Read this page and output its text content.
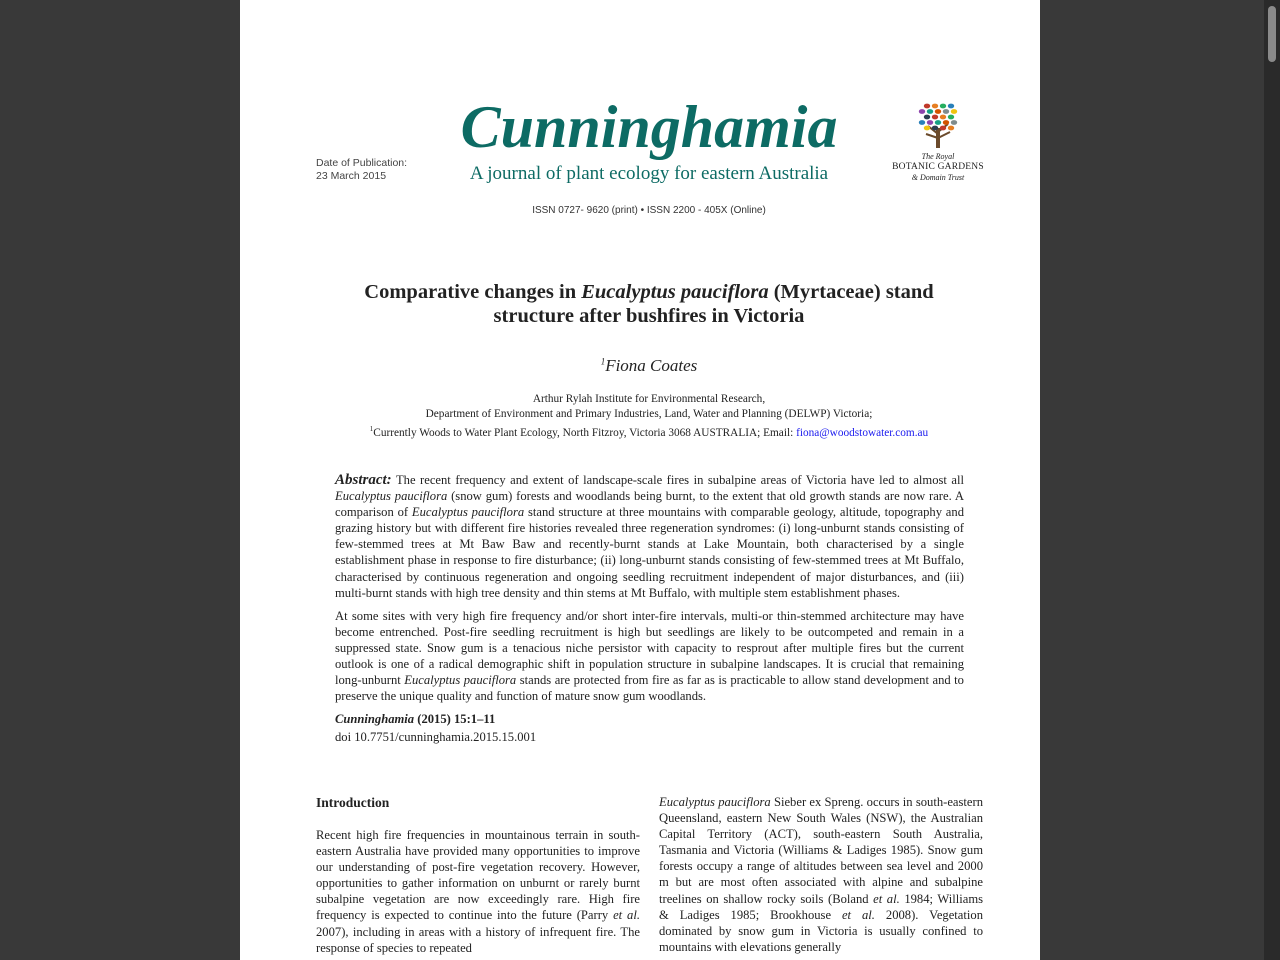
Date of Publication:
23 March 2015
Cunninghamia
A journal of plant ecology for eastern Australia
The Royal
BOTANIC GARDENS
& Domain Trust
ISSN 0727- 9620 (print) • ISSN 2200 - 405X (Online)
Comparative changes in Eucalyptus pauciflora (Myrtaceae) stand structure after bushfires in Victoria
$^1$Fiona Coates
Arthur Rylah Institute for Environmental Research,
Department of Environment and Primary Industries, Land, Water and Planning (DELWP) Victoria;
$^1$Currently Woods to Water Plant Ecology, North Fitzroy, Victoria 3068 AUSTRALIA; Email: fiona@woodstowater.com.au

Abstract: The recent frequency and extent of landscape-scale fires in subalpine areas of Victoria have led to almost all Eucalyptus pauciflora (snow gum) forests and woodlands being burnt, to the extent that old growth stands are now rare. A comparison of Eucalyptus pauciflora stand structure at three mountains with comparable geology, altitude, topography and grazing history but with different fire histories revealed three regeneration syndromes: (i) long-unburnt stands consisting of few-stemmed trees at Mt Baw Baw and recently-burnt stands at Lake Mountain, both characterised by a single establishment phase in response to fire disturbance; (ii) long-unburnt stands consisting of few-stemmed trees at Mt Buffalo, characterised by continuous regeneration and ongoing seedling recruitment independent of major disturbances, and (iii) multi-burnt stands with high tree density and thin stems at Mt Buffalo, with multiple stem establishment phases.

At some sites with very high fire frequency and/or short inter-fire intervals, multi-or thin-stemmed architecture may have become entrenched. Post-fire seedling recruitment is high but seedlings are likely to be outcompeted and remain in a suppressed state. Snow gum is a tenacious niche persistor with capacity to resprout after multiple fires but the current outlook is one of a radical demographic shift in population structure in subalpine landscapes. It is crucial that remaining long-unburnt Eucalyptus pauciflora stands are protected from fire as far as is practicable to allow stand development and to preserve the unique quality and function of mature snow gum woodlands.

Cunninghamia (2015) 15:1–11
doi 10.7751/cunninghamia.2015.15.001
Introduction

Recent high fire frequencies in mountainous terrain in south-eastern Australia have provided many opportunities to improve our understanding of post-fire vegetation recovery. However, opportunities to gather information on unburnt or rarely burnt subalpine vegetation are now exceedingly rare. High fire frequency is expected to continue into the future (Parry et al. 2007), including in areas with a history of infrequent fire. The response of species to repeated

Eucalyptus pauciflora Sieber ex Spreng. occurs in south-eastern Queensland, eastern New South Wales (NSW), the Australian Capital Territory (ACT), south-eastern South Australia, Tasmania and Victoria (Williams & Ladiges 1985). Snow gum forests occupy a range of altitudes between sea level and 2000 m but are most often associated with alpine and subalpine treelines on shallow rocky soils (Boland et al. 1984; Williams & Ladiges 1985; Brookhouse et al. 2008). Vegetation dominated by snow gum in Victoria is usually confined to mountains with elevations generally
